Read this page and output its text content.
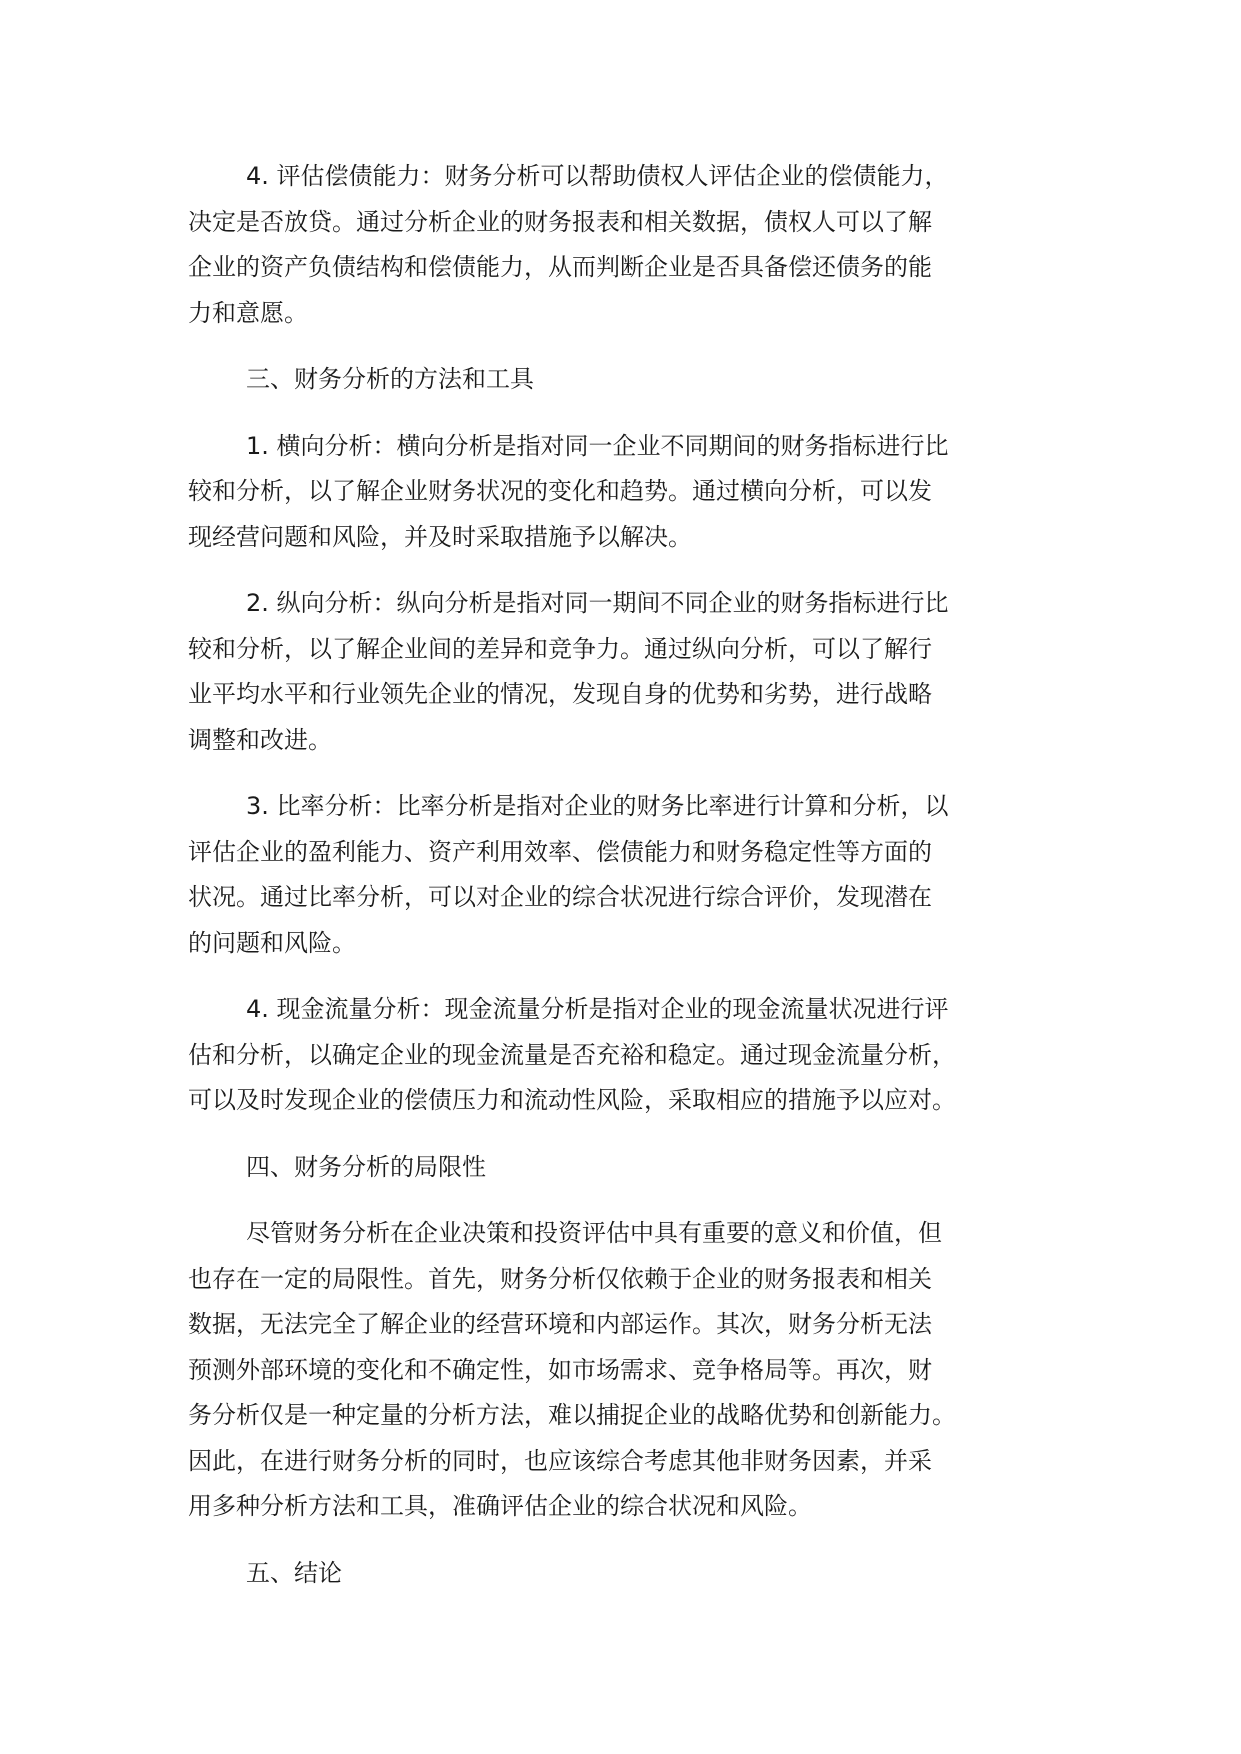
4. 评估偿债能力：财务分析可以帮助债权人评估企业的偿债能力，
决定是否放贷。通过分析企业的财务报表和相关数据，债权人可以了解
企业的资产负债结构和偿债能力，从而判断企业是否具备偿还债务的能
力和意愿。
三、财务分析的方法和工具
1. 横向分析：横向分析是指对同一企业不同期间的财务指标进行比
较和分析，以了解企业财务状况的变化和趋势。通过横向分析，可以发
现经营问题和风险，并及时采取措施予以解决。
2. 纵向分析：纵向分析是指对同一期间不同企业的财务指标进行比
较和分析，以了解企业间的差异和竞争力。通过纵向分析，可以了解行
业平均水平和行业领先企业的情况，发现自身的优势和劣势，进行战略
调整和改进。
3. 比率分析：比率分析是指对企业的财务比率进行计算和分析，以
评估企业的盈利能力、资产利用效率、偿债能力和财务稳定性等方面的
状况。通过比率分析，可以对企业的综合状况进行综合评价，发现潜在
的问题和风险。
4. 现金流量分析：现金流量分析是指对企业的现金流量状况进行评
估和分析，以确定企业的现金流量是否充裕和稳定。通过现金流量分析，
可以及时发现企业的偿债压力和流动性风险，采取相应的措施予以应对。
四、财务分析的局限性
尽管财务分析在企业决策和投资评估中具有重要的意义和价值，但
也存在一定的局限性。首先，财务分析仅依赖于企业的财务报表和相关
数据，无法完全了解企业的经营环境和内部运作。其次，财务分析无法
预测外部环境的变化和不确定性，如市场需求、竞争格局等。再次，财
务分析仅是一种定量的分析方法，难以捕捉企业的战略优势和创新能力。
因此，在进行财务分析的同时，也应该综合考虑其他非财务因素，并采
用多种分析方法和工具，准确评估企业的综合状况和风险。
五、结论
